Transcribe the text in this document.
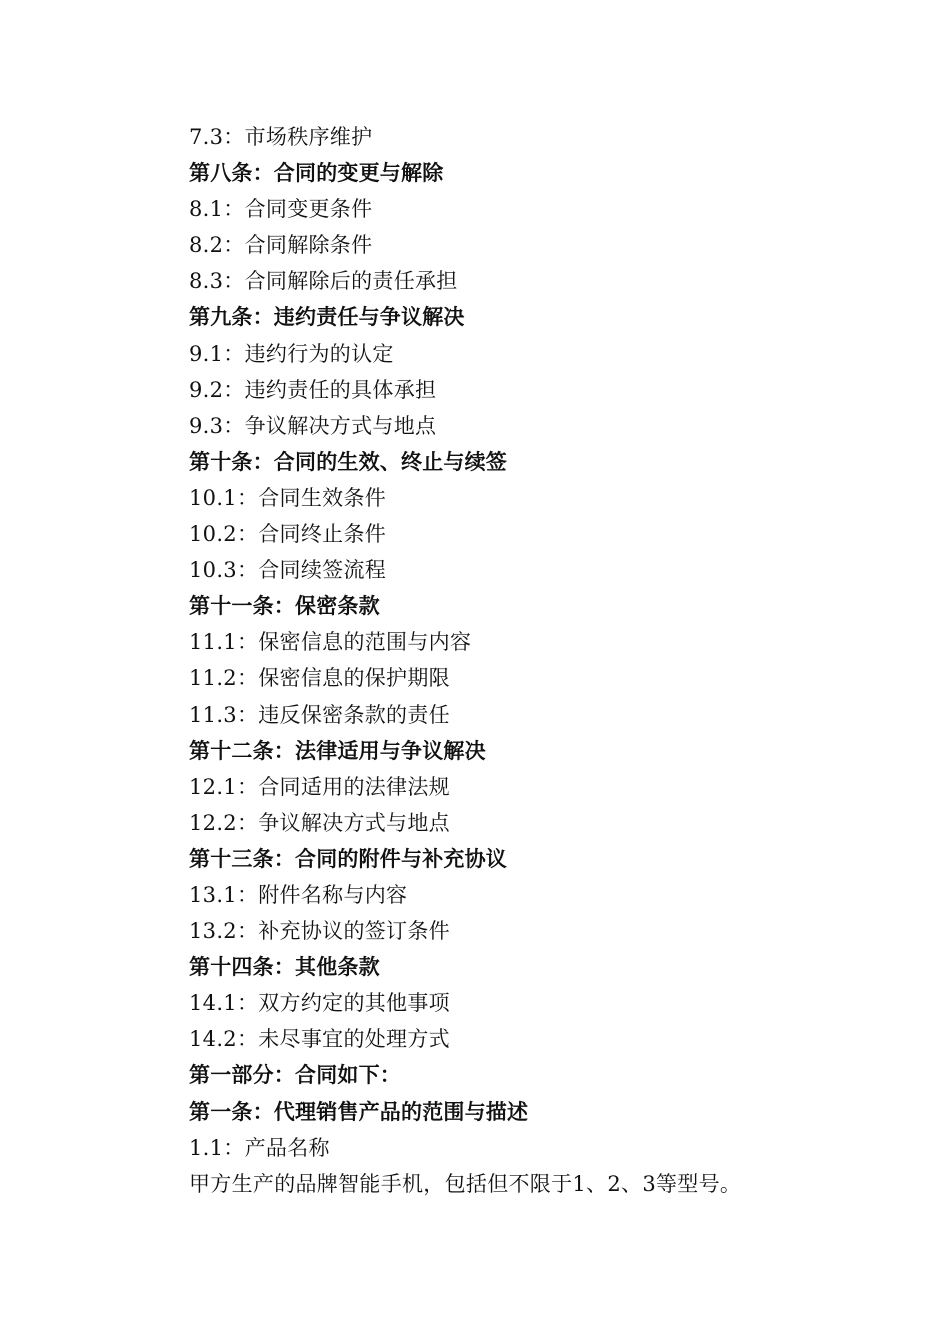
7.3：市场秩序维护
第八条：合同的变更与解除
8.1：合同变更条件
8.2：合同解除条件
8.3：合同解除后的责任承担
第九条：违约责任与争议解决
9.1：违约行为的认定
9.2：违约责任的具体承担
9.3：争议解决方式与地点
第十条：合同的生效、终止与续签
10.1：合同生效条件
10.2：合同终止条件
10.3：合同续签流程
第十一条：保密条款
11.1：保密信息的范围与内容
11.2：保密信息的保护期限
11.3：违反保密条款的责任
第十二条：法律适用与争议解决
12.1：合同适用的法律法规
12.2：争议解决方式与地点
第十三条：合同的附件与补充协议
13.1：附件名称与内容
13.2：补充协议的签订条件
第十四条：其他条款
14.1：双方约定的其他事项
14.2：未尽事宜的处理方式
第一部分：合同如下：
第一条：代理销售产品的范围与描述
1.1：产品名称
甲方生产的品牌智能手机，包括但不限于1、2、3等型号。
